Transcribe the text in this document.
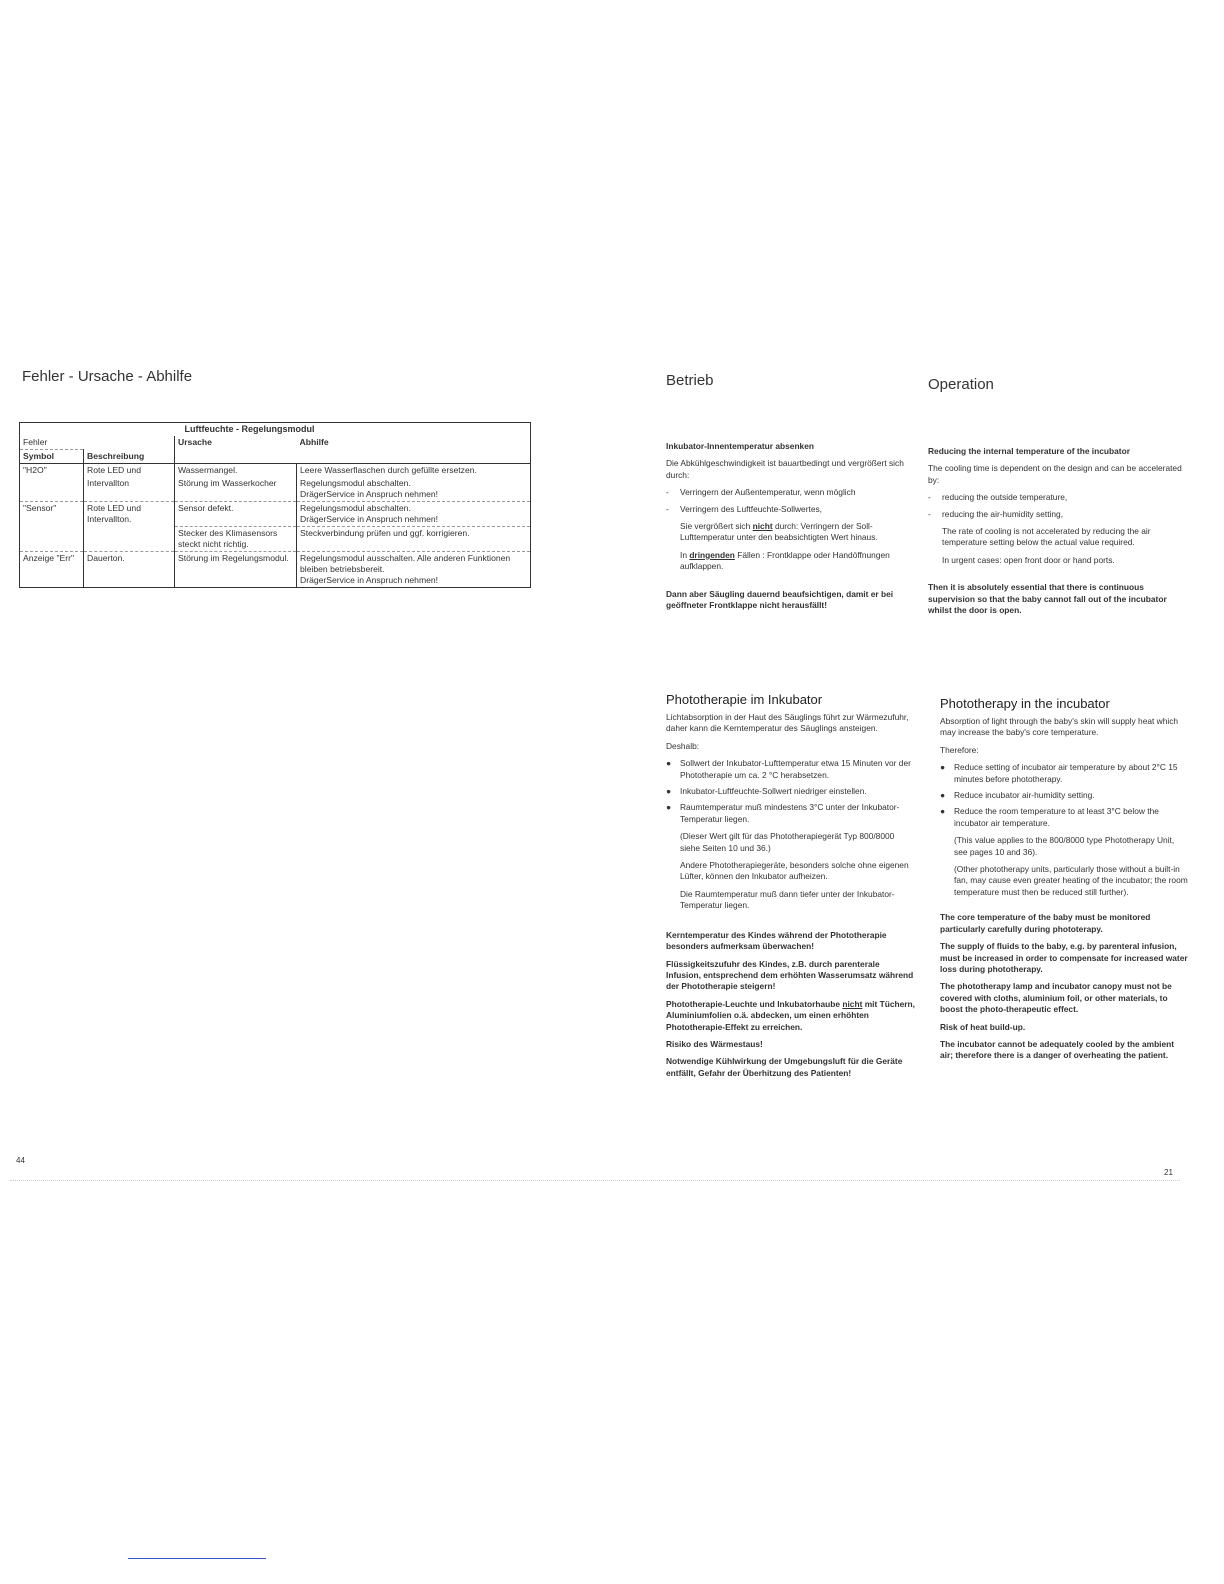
Fehler - Ursache - Abhilfe
		Luftfeuchte - Regelungsmodul	
Fehler		Ursache	Abhilfe
Symbol	Beschreibung		
"H2O"	Rote LED und	Wassermangel.	Leere Wasserflaschen durch gefüllte ersetzen.
	Intervallton	Störung im Wasserkocher	Regelungsmodul abschalten.
DrägerService in Anspruch nehmen!
"Sensor"	Rote LED und Intervallton.	Sensor defekt.	Regelungsmodul abschalten.
DrägerService in Anspruch nehmen!
		Stecker des Klimasensors steckt nicht richtig.	Steckverbindung prüfen und ggf. korrigieren.
Anzeige "Err"	Dauerton.	Störung im Regelungsmodul.	Regelungsmodul ausschalten. Alle anderen Funktionen bleiben betriebsbereit.
DrägerService in Anspruch nehmen!
44
Betrieb
Inkubator-Innentemperatur absenken
Die Abkühlgeschwindigkeit ist bauartbedingt und vergrößert sich durch:
- Verringern der Außentemperatur, wenn möglich
- Verringern des Luftfeuchte-Sollwertes,
Sie vergrößert sich nicht durch: Verringern der Soll- Lufttemperatur unter den beabsichtigten Wert hinaus.
In dringenden Fällen : Frontklappe oder Handöffnungen aufklappen.
Dann aber Säugling dauernd beaufsichtigen, damit er bei geöffneter Frontklappe nicht herausfällt!
Phototherapie im Inkubator
Lichtabsorption in der Haut des Säuglings führt zur Wärmezufuhr, daher kann die Kerntemperatur des Säuglings ansteigen.
Deshalb:
● Sollwert der Inkubator-Lufttemperatur etwa 15 Minuten vor der Phototherapie um ca. 2 °C herabsetzen.
● Inkubator-Luftfeuchte-Sollwert niedriger einstellen.
● Raumtemperatur muß mindestens 3°C unter der Inkubator-Temperatur liegen.
(Dieser Wert gilt für das Phototherapiegerät Typ 800/8000 siehe Seiten 10 und 36.)
Andere Phototherapiegeräte, besonders solche ohne eigenen Lüfter, können den Inkubator aufheizen.
Die Raumtemperatur muß dann tiefer unter der Inkubator-Temperatur liegen.
Kerntemperatur des Kindes während der Phototherapie besonders aufmerksam überwachen!
Flüssigkeitszufuhr des Kindes, z.B. durch parenterale Infusion, entsprechend dem erhöhten Wasserumsatz während der Phototherapie steigern!
Phototherapie-Leuchte und Inkubatorhaube nicht mit Tüchern, Aluminiumfolien o.ä. abdecken, um einen erhöhten Phototherapie-Effekt zu erreichen.
Risiko des Wärmestaus!
Notwendige Kühlwirkung der Umgebungsluft für die Geräte entfällt, Gefahr der Überhitzung des Patienten!
Operation
Reducing the internal temperature of the incubator
The cooling time is dependent on the design and can be accelerated by:
- reducing the outside temperature,
- reducing the air-humidity setting,
The rate of cooling is not accelerated by reducing the air temperature setting below the actual value required.
In urgent cases: open front door or hand ports.
Then it is absolutely essential that there is continuous supervision so that the baby cannot fall out of the incubator whilst the door is open.
Phototherapy in the incubator
Absorption of light through the baby's skin will supply heat which may increase the baby's core temperature.
Therefore:
● Reduce setting of incubator air temperature by about 2°C 15 minutes before phototherapy.
● Reduce incubator air-humidity setting.
● Reduce the room temperature to at least 3°C below the incubator air temperature.
(This value applies to the 800/8000 type Phototherapy Unit, see pages 10 and 36).
(Other phototherapy units, particularly those without a built-in fan, may cause even greater heating of the incubator; the room temperature must then be reduced still further).
The core temperature of the baby must be monitored particularly carefully during phototerapy.
The supply of fluids to the baby, e.g. by parenteral infusion, must be increased in order to compensate for increased water loss during phototherapy.
The phototherapy lamp and incubator canopy must not be covered with cloths, aluminium foil, or other materials, to boost the photo-therapeutic effect.
Risk of heat build-up.
The incubator cannot be adequately cooled by the ambient air; therefore there is a danger of overheating the patient.
21
